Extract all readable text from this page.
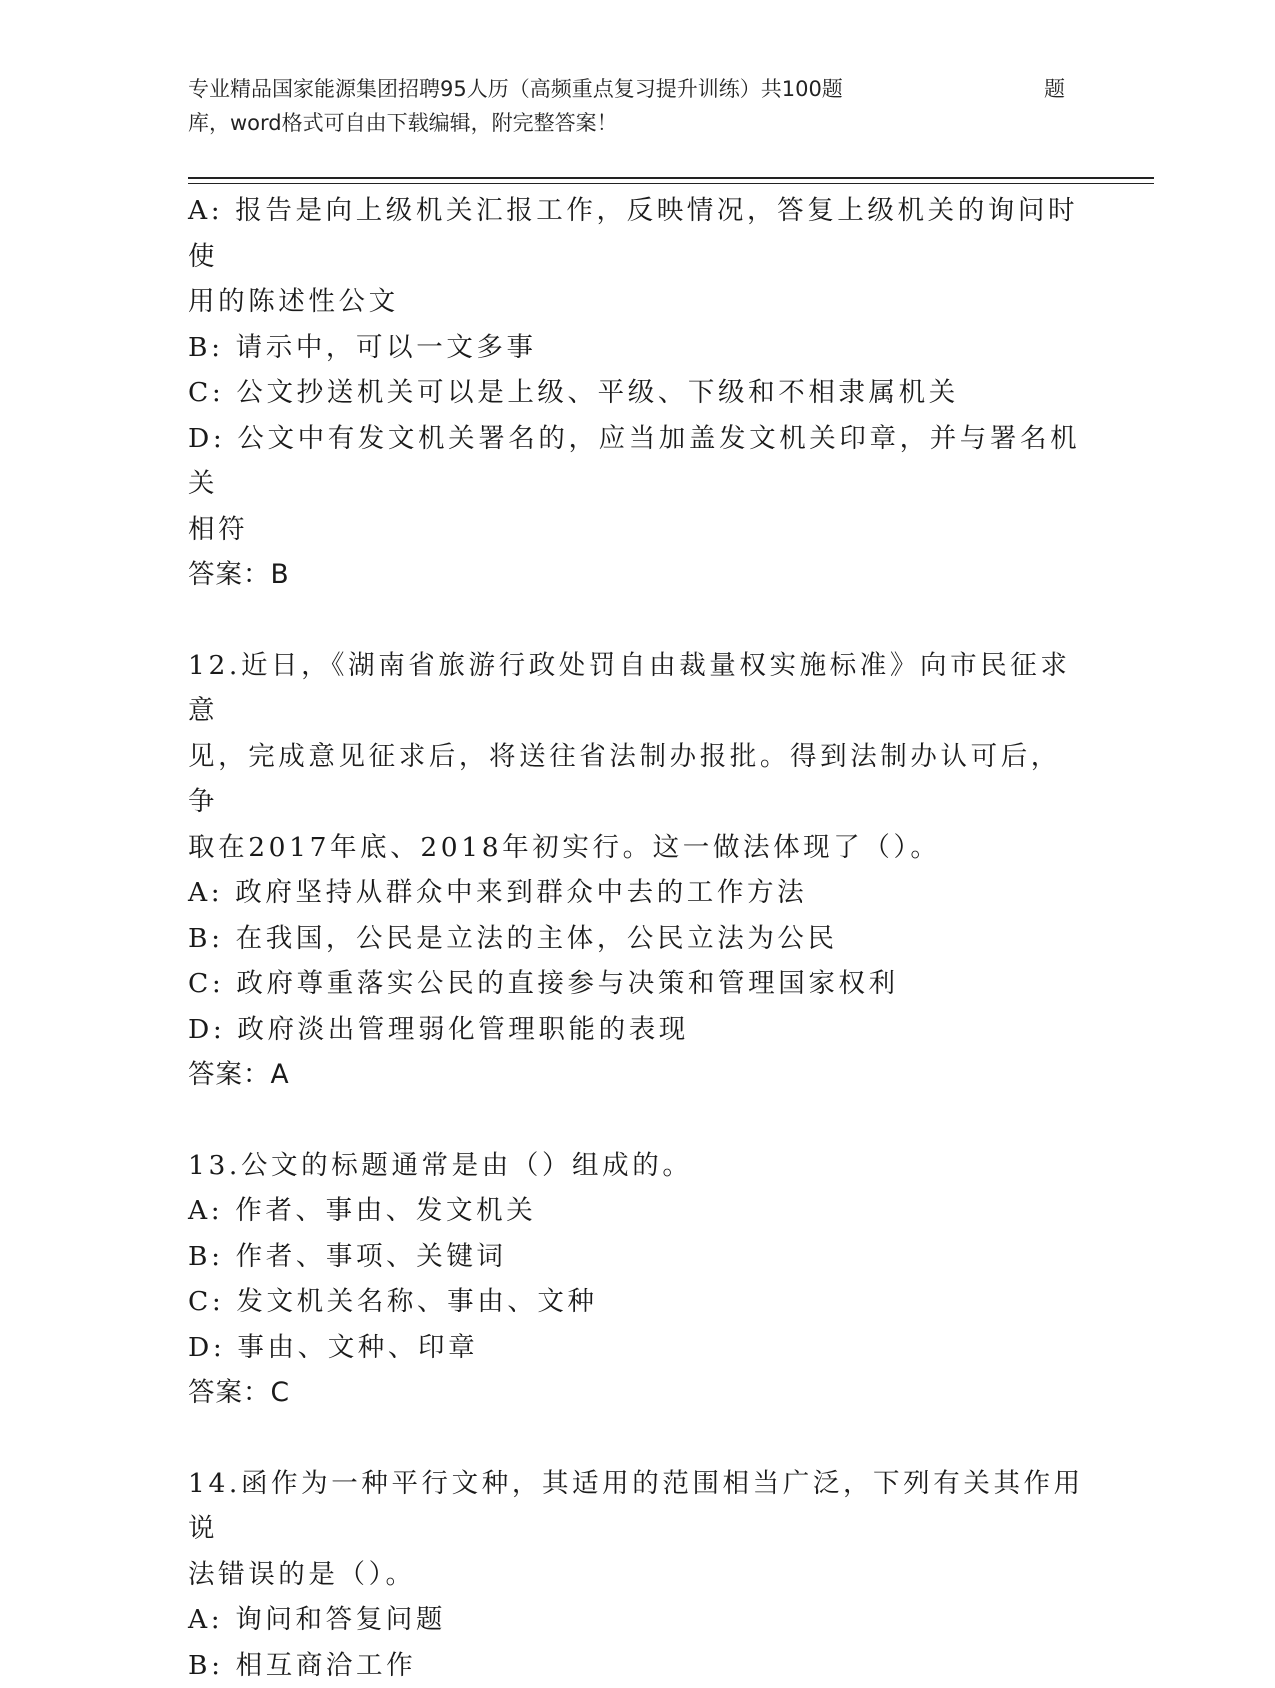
专业精品国家能源集团招聘95人历（高频重点复习提升训练）共100题	题
库，word格式可自由下载编辑，附完整答案！

A: 报告是向上级机关汇报工作，反映情况，答复上级机关的询问时使

用的陈述性公文

B: 请示中，可以一文多事

C: 公文抄送机关可以是上级、平级、下级和不相隶属机关

D: 公文中有发文机关署名的，应当加盖发文机关印章，并与署名机关

相符

答案：B

12.近日，《湖南省旅游行政处罚自由裁量权实施标准》向市民征求意

见，完成意见征求后，将送往省法制办报批。得到法制办认可后，争

取在2017年底、2018年初实行。这一做法体现了（）。

A: 政府坚持从群众中来到群众中去的工作方法

B: 在我国，公民是立法的主体，公民立法为公民

C: 政府尊重落实公民的直接参与决策和管理国家权利

D: 政府淡出管理弱化管理职能的表现

答案：A

13.公文的标题通常是由（）组成的。

A: 作者、事由、发文机关

B: 作者、事项、关键词

C: 发文机关名称、事由、文种

D: 事由、文种、印章

答案：C

14.函作为一种平行文种，其适用的范围相当广泛，下列有关其作用说

法错误的是（）。

A: 询问和答复问题

B: 相互商洽工作
